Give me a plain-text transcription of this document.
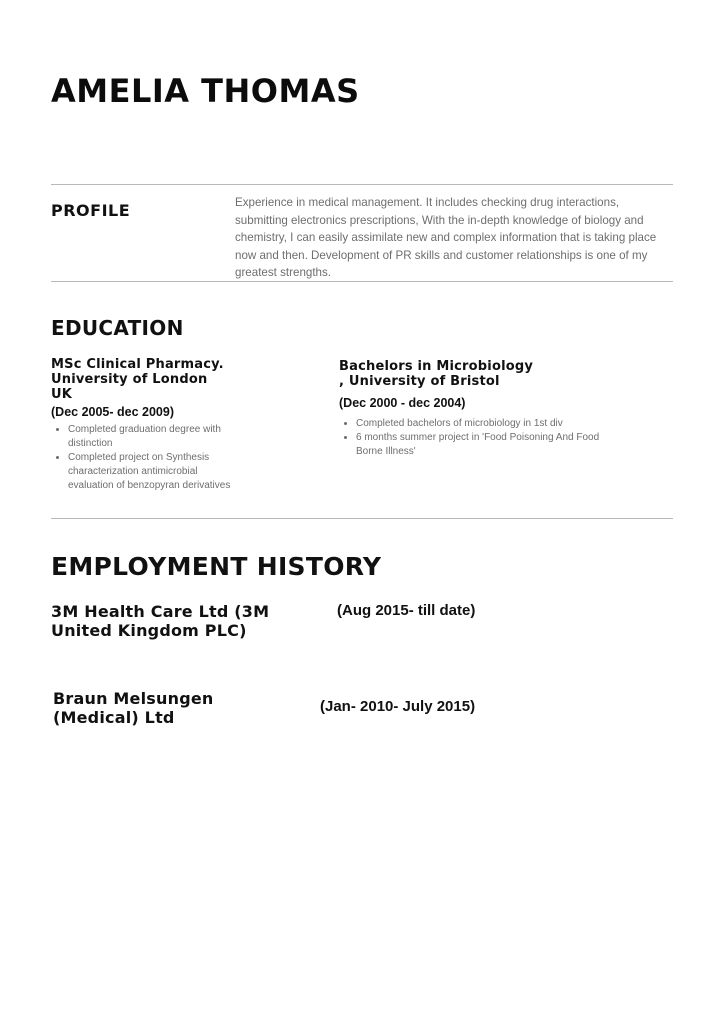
AMELIA THOMAS
PROFILE	Experience in medical management. It includes checking drug interactions, submitting electronics prescriptions, With the in-depth knowledge of biology and chemistry, I can easily assimilate new and complex information that is taking place now and then. Development of PR skills and customer relationships is one of my greatest strengths.

EDUCATION

MSc Clinical Pharmacy.

University of London

UK

(Dec 2005- dec 2009)

• Completed graduation degree with distinction
• Completed project on Synthesis characterization antimicrobial evaluation of benzopyran derivatives

Bachelors in Microbiology

, University of Bristol

(Dec 2000 - dec 2004)

• Completed bachelors of microbiology in 1st div
• 6 months summer project in 'Food Poisoning And Food Borne Illness'
EMPLOYMENT HISTORY

3M Health Care Ltd (3M

United Kingdom PLC)

(Aug 2015- till date)

Braun Melsungen

(Medical) Ltd

(Jan- 2010- July 2015)
